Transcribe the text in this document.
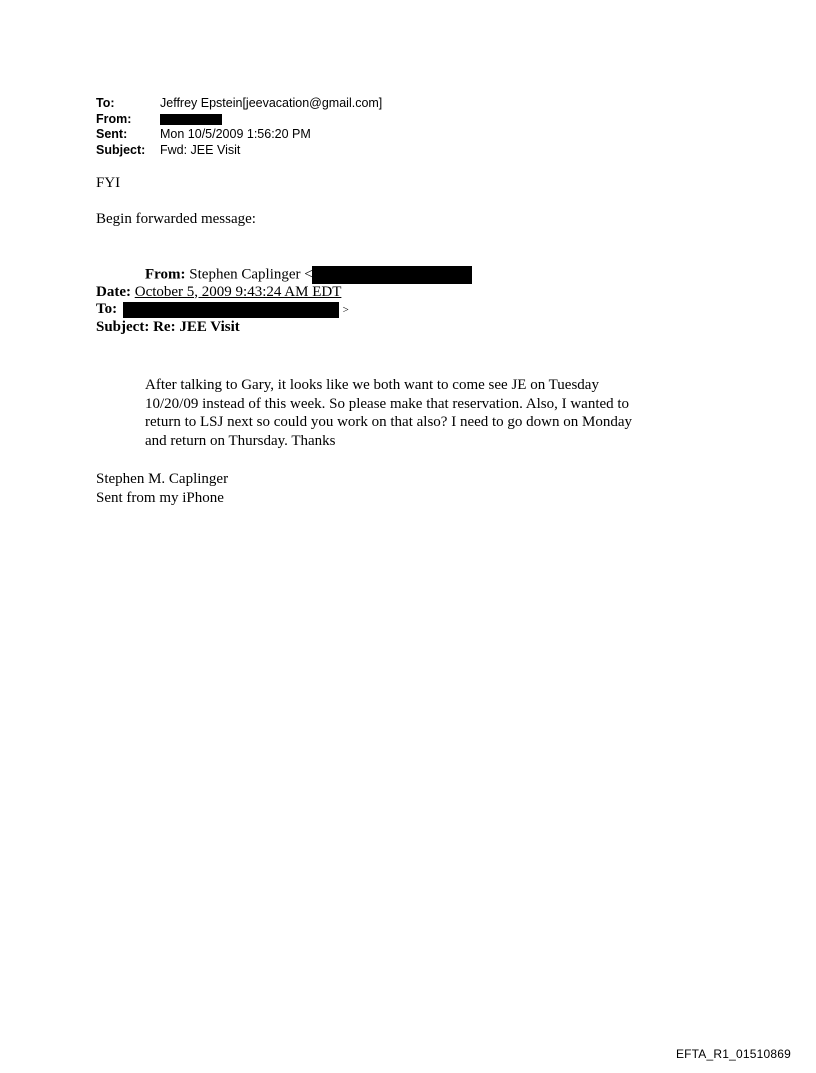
To:	Jeffrey Epstein[jeevacation@gmail.com]
From:
Sent:	Mon 10/5/2009 1:56:20 PM
Subject:	Fwd: JEE Visit
FYI
Begin forwarded message:
From: Stephen Caplinger <
Date: October 5, 2009 9:43:24 AM EDT
To:	>
Subject: Re: JEE Visit
After talking to Gary, it looks like we both want to come see JE on Tuesday
10/20/09 instead of this week. So please make that reservation. Also, I wanted to
return to LSJ next so could you work on that also? I need to go down on Monday
and return on Thursday. Thanks
Stephen M. Caplinger
Sent from my iPhone
EFTA_R1_01510869
